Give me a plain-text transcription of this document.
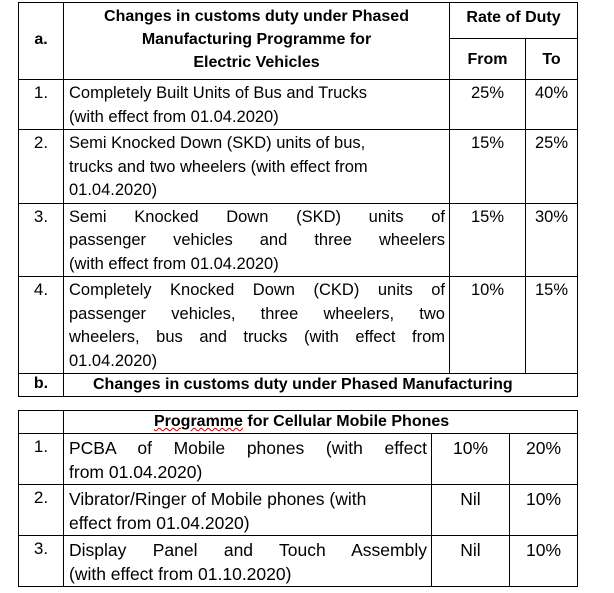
a.	Changes in customs duty under Phased
Manufacturing Programme for
Electric Vehicles	Rate of Duty	
		From	To
1.	Completely Built Units of Bus and Trucks
(with effect from 01.04.2020)	25%	40%
2.	Semi Knocked Down (SKD) units of bus,
trucks and two wheelers (with effect from
01.04.2020)	15%	25%
3.	Semi Knocked Down (SKD) units of
passenger vehicles and three wheelers
(with effect from 01.04.2020)	15%	30%
4.	Completely Knocked Down (CKD) units of
passenger vehicles, three wheelers, two
wheelers, bus and trucks (with effect from
01.04.2020)	10%	15%
b.	Changes in customs duty under Phased Manufacturing		
	Programme for Cellular Mobile Phones		
1.	PCBA of Mobile phones (with effect
from 01.04.2020)	10%	20%
2.	Vibrator/Ringer of Mobile phones (with
effect from 01.04.2020)	Nil	10%
3.	Display Panel and Touch Assembly
(with effect from 01.10.2020)	Nil	10%
